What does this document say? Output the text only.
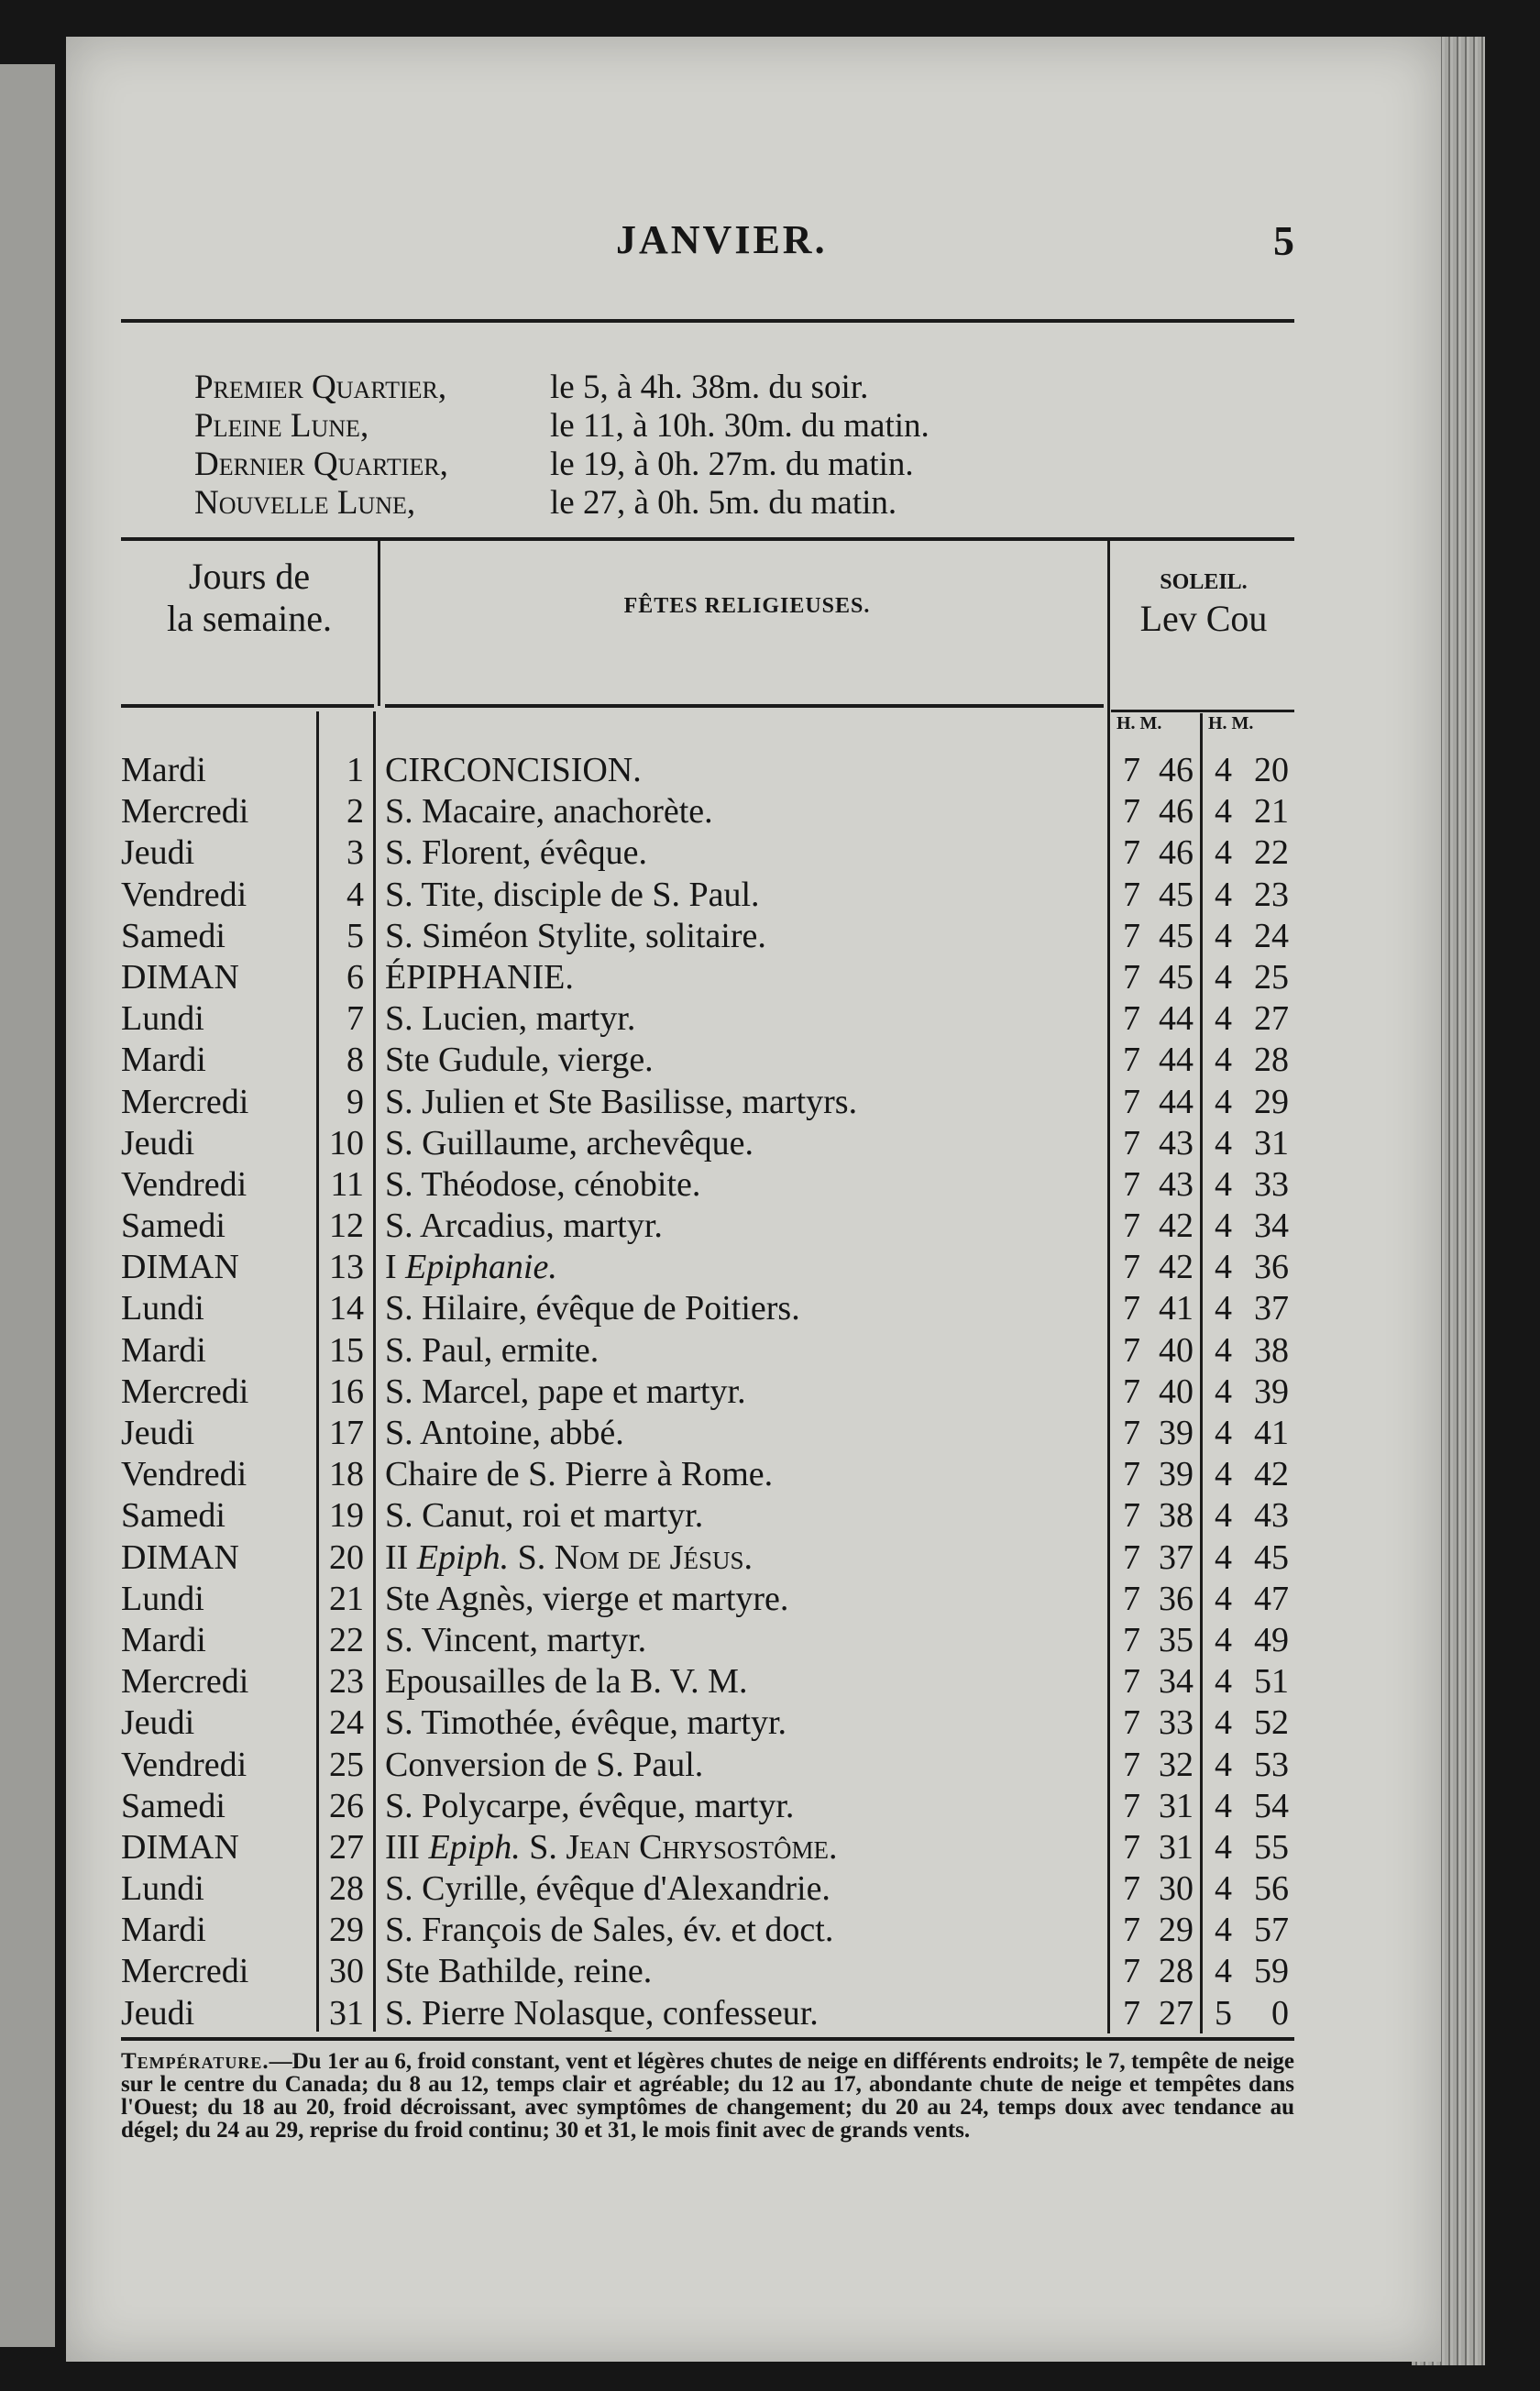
JANVIER.	5
Premier Quartier,	le 5, à 4h. 38m. du soir.
Pleine Lune,	le 11, à 10h. 30m. du matin.
Dernier Quartier,	le 19, à 0h. 27m. du matin.
Nouvelle Lune,	le 27, à 0h. 5m. du matin.
Jours de
la semaine.	FÊTES RELIGIEUSES.
SOLEIL.
Lev Cou
H. M.	H. M.
Mardi	1 CIRCONCISION.	7 46 4 20
Mercredi	2 S. Macaire, anachorète.	7 46 4 21
Jeudi	3 S. Florent, évêque.	7 46 4 22
Vendredi	4 S. Tite, disciple de S. Paul.	7 45 4 23
Samedi	5 S. Siméon Stylite, solitaire.	7 45 4 24
DIMAN	6 ÉPIPHANIE.	7 45 4 25
Lundi	7 S. Lucien, martyr.	7 44 4 27
Mardi	8 Ste Gudule, vierge.	7 44 4 28
Mercredi	9 S. Julien et Ste Basilisse, martyrs.	7 44 4 29
Jeudi	10 S. Guillaume, archevêque.	7 43 4 31
Vendredi	11 S. Théodose, cénobite.	7 43 4 33
Samedi	12 S. Arcadius, martyr.	7 42 4 34
DIMAN	13 I Epiphanie.	7 42 4 36
Lundi	14 S. Hilaire, évêque de Poitiers.	7 41 4 37
Mardi	15 S. Paul, ermite.	7 40 4 38
Mercredi	16 S. Marcel, pape et martyr.	7 40 4 39
Jeudi	17 S. Antoine, abbé.	7 39 4 41
Vendredi	18 Chaire de S. Pierre à Rome.	7 39 4 42
Samedi	19 S. Canut, roi et martyr.	7 38 4 43
DIMAN	20 II Epiph. S. Nom de Jésus.	7 37 4 45
Lundi	21 Ste Agnès, vierge et martyre.	7 36 4 47
Mardi	22 S. Vincent, martyr.	7 35 4 49
Mercredi	23 Epousailles de la B. V. M.	7 34 4 51
Jeudi	24 S. Timothée, évêque, martyr.	7 33 4 52
Vendredi	25 Conversion de S. Paul.	7 32 4 53
Samedi	26 S. Polycarpe, évêque, martyr.	7 31 4 54
DIMAN	27 III Epiph. S. Jean Chrysostôme.	7 31 4 55
Lundi	28 S. Cyrille, évêque d'Alexandrie.	7 30 4 56
Mardi	29 S. François de Sales, év. et doct.	7 29 4 57
Mercredi	30 Ste Bathilde, reine.	7 28 4 59
Jeudi	31 S. Pierre Nolasque, confesseur.	7 27 5	0
Température.—Du 1er au 6, froid constant, vent et légères chutes de neige en différents endroits; le 7, tempête de neige sur le centre du Canada; du 8 au 12, temps clair et agréable; du 12 au 17, abondante chute de neige et tempêtes dans l'Ouest; du 18 au 20, froid décroissant, avec symptômes de changement; du 20 au 24, temps doux avec tendance au dégel; du 24 au 29, reprise du froid continu; 30 et 31, le mois finit avec de grands vents.
